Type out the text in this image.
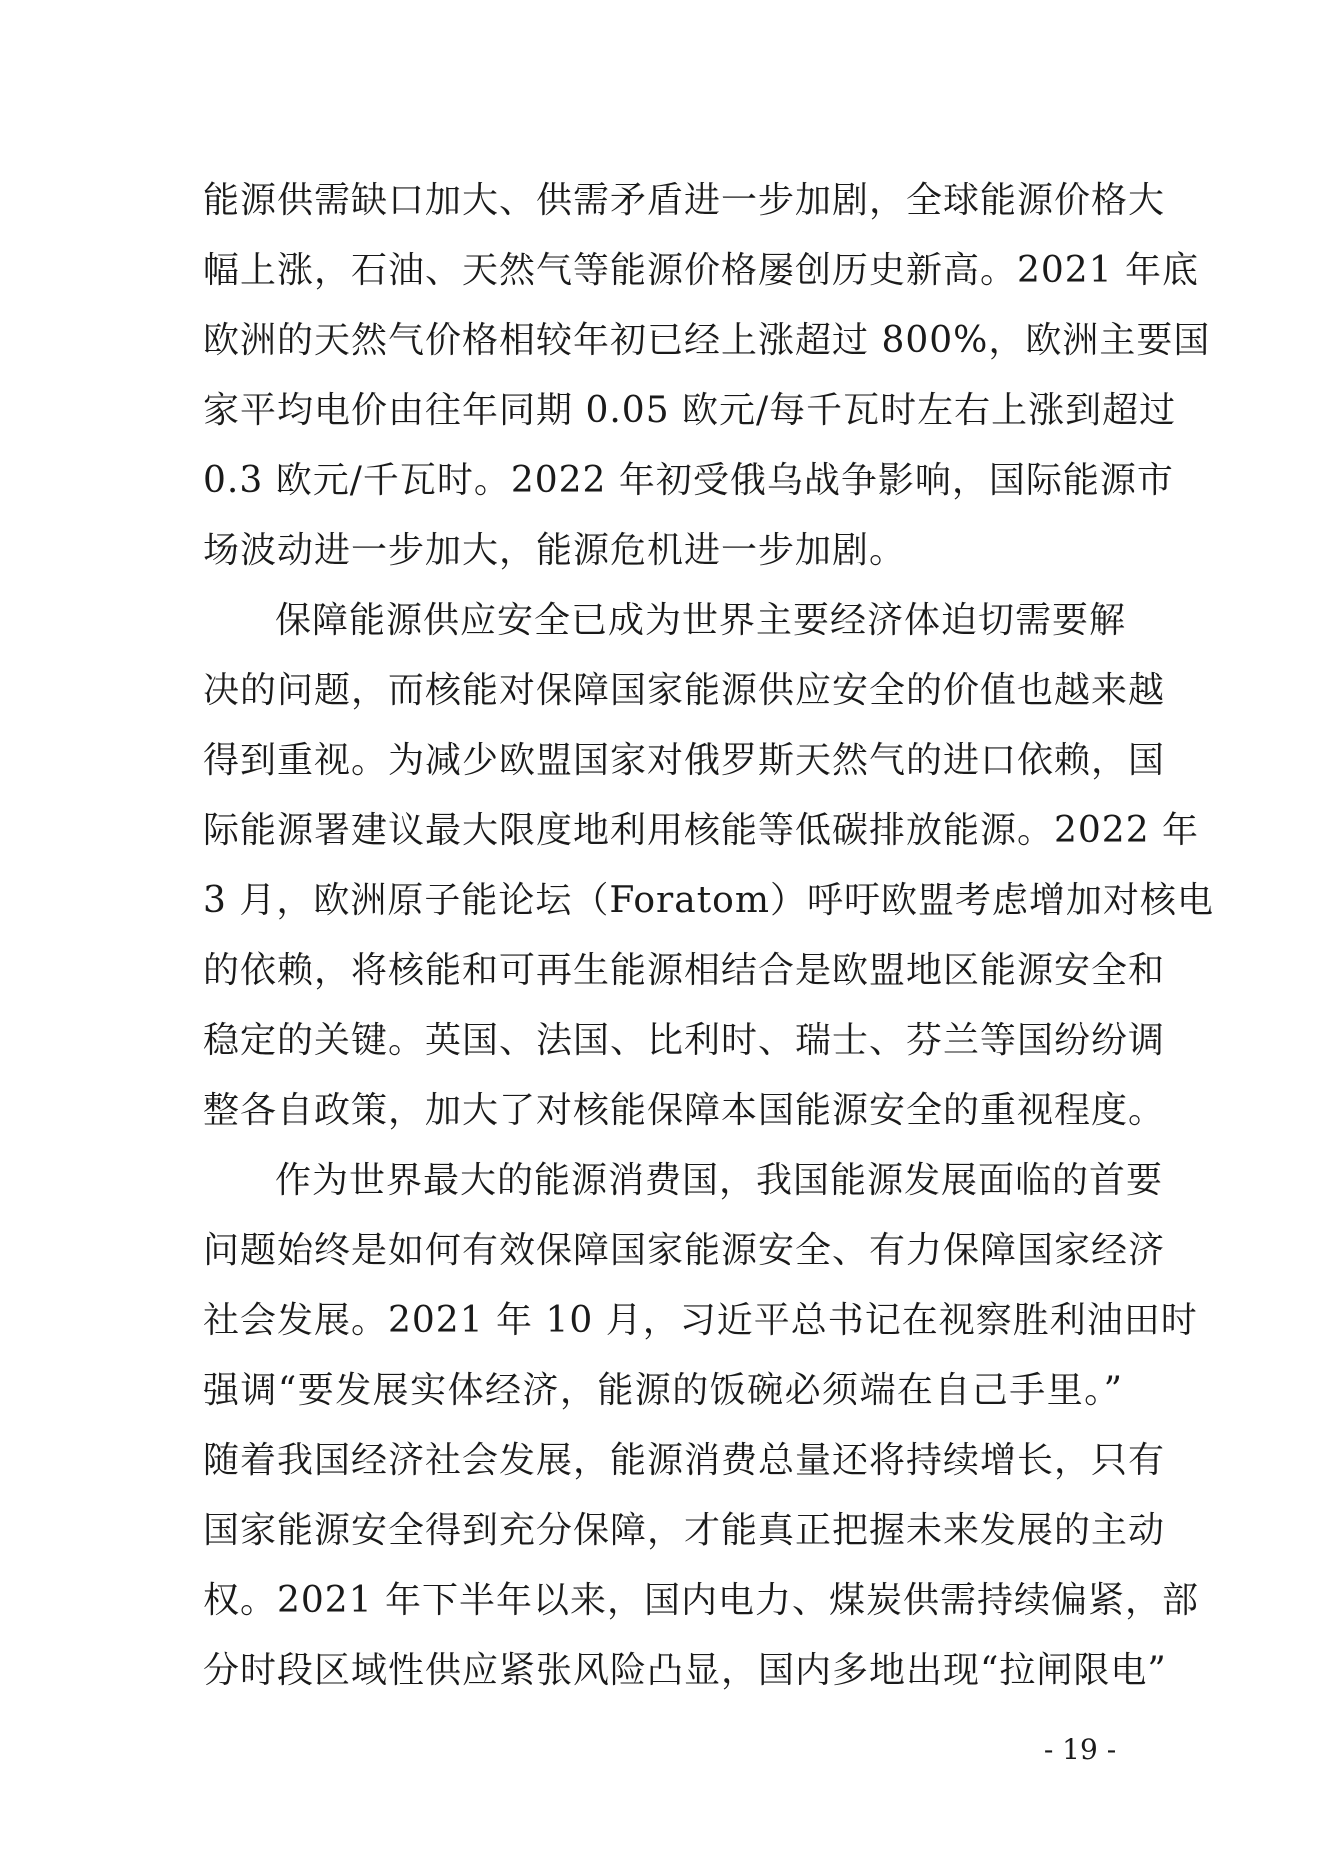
能源供需缺口加大、供需矛盾进一步加剧，全球能源价格大
幅上涨，石油、天然气等能源价格屡创历史新高。2021 年底
欧洲的天然气价格相较年初已经上涨超过 800%，欧洲主要国
家平均电价由往年同期 0.05 欧元/每千瓦时左右上涨到超过
0.3 欧元/千瓦时。2022 年初受俄乌战争影响，国际能源市
场波动进一步加大，能源危机进一步加剧。
保障能源供应安全已成为世界主要经济体迫切需要解
决的问题，而核能对保障国家能源供应安全的价值也越来越
得到重视。为减少欧盟国家对俄罗斯天然气的进口依赖，国
际能源署建议最大限度地利用核能等低碳排放能源。2022 年
3 月，欧洲原子能论坛（Foratom）呼吁欧盟考虑增加对核电
的依赖，将核能和可再生能源相结合是欧盟地区能源安全和
稳定的关键。英国、法国、比利时、瑞士、芬兰等国纷纷调
整各自政策，加大了对核能保障本国能源安全的重视程度。
作为世界最大的能源消费国，我国能源发展面临的首要
问题始终是如何有效保障国家能源安全、有力保障国家经济
社会发展。2021 年 10 月，习近平总书记在视察胜利油田时
强调“要发展实体经济，能源的饭碗必须端在自己手里。”
随着我国经济社会发展，能源消费总量还将持续增长，只有
国家能源安全得到充分保障，才能真正把握未来发展的主动
权。2021 年下半年以来，国内电力、煤炭供需持续偏紧，部
分时段区域性供应紧张风险凸显，国内多地出现“拉闸限电”
- 19 -
